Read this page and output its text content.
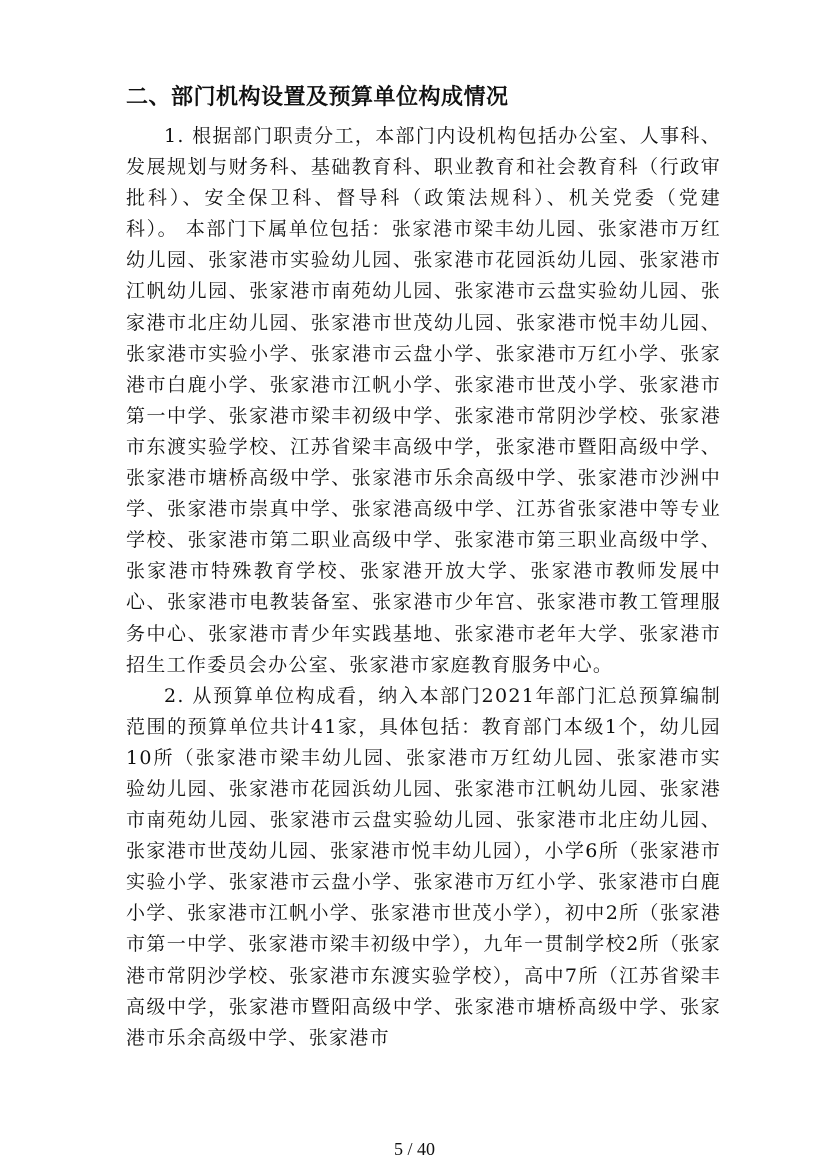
二、部门机构设置及预算单位构成情况

1. 根据部门职责分工，本部门内设机构包括办公室、人事科、发展规划与财务科、基础教育科、职业教育和社会教育科（行政审批科）、安全保卫科、督导科（政策法规科）、机关党委（党建科）。 本部门下属单位包括：张家港市梁丰幼儿园、张家港市万红幼儿园、张家港市实验幼儿园、张家港市花园浜幼儿园、张家港市江帆幼儿园、张家港市南苑幼儿园、张家港市云盘实验幼儿园、张家港市北庄幼儿园、张家港市世茂幼儿园、张家港市悦丰幼儿园、张家港市实验小学、张家港市云盘小学、张家港市万红小学、张家港市白鹿小学、张家港市江帆小学、张家港市世茂小学、张家港市第一中学、张家港市梁丰初级中学、张家港市常阴沙学校、张家港市东渡实验学校、江苏省梁丰高级中学，张家港市暨阳高级中学、张家港市塘桥高级中学、张家港市乐余高级中学、张家港市沙洲中学、张家港市崇真中学、张家港高级中学、江苏省张家港中等专业学校、张家港市第二职业高级中学、张家港市第三职业高级中学、张家港市特殊教育学校、张家港开放大学、张家港市教师发展中心、张家港市电教装备室、张家港市少年宫、张家港市教工管理服务中心、张家港市青少年实践基地、张家港市老年大学、张家港市招生工作委员会办公室、张家港市家庭教育服务中心。

2. 从预算单位构成看，纳入本部门2021年部门汇总预算编制范围的预算单位共计41家，具体包括：教育部门本级1个，幼儿园10所（张家港市梁丰幼儿园、张家港市万红幼儿园、张家港市实验幼儿园、张家港市花园浜幼儿园、张家港市江帆幼儿园、张家港市南苑幼儿园、张家港市云盘实验幼儿园、张家港市北庄幼儿园、张家港市世茂幼儿园、张家港市悦丰幼儿园），小学6所（张家港市实验小学、张家港市云盘小学、张家港市万红小学、张家港市白鹿小学、张家港市江帆小学、张家港市世茂小学），初中2所（张家港市第一中学、张家港市梁丰初级中学），九年一贯制学校2所（张家港市常阴沙学校、张家港市东渡实验学校），高中7所（江苏省梁丰高级中学，张家港市暨阳高级中学、张家港市塘桥高级中学、张家港市乐余高级中学、张家港市

5 / 40
